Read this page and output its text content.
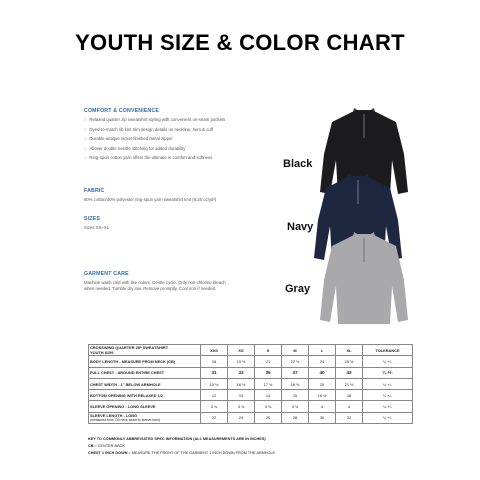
YOUTH SIZE & COLOR CHART
COMFORT & CONVENIENCE
□ Relaxed quarter zip sweatshirt styling with convenient on-seam pockets
□ Dyed-to-match rib knit trim design details on neckline, hem & cuff
□ Durable antique nickel-finished metal zipper
□ Allover double needle stitching for added durability
□ Ring-spun cotton yarn offers the ultimate in comfort and softness
FABRIC
60% cotton/40% polyester ring-spun yarn sweatshirt knit (8.26 oz/yd²)
SIZES
Sizes XS–XL
GARMENT CARE
Machine wash cold with like colors. Gentle cycle. Only non-chlorine bleach when needed. Tumble dry low. Remove promptly. Cool iron if needed.
Black
Navy
Gray
CROSSWIND QUARTER ZIP SWEATSHIRT
YOUTH 8159	XXS	XS	S	M	L	XL	TOLERANCE
BODY LENGTH - MEASURE FROM NECK (CB)	18	19 ½	21	22 ½	24	25 ½	¼ +/-
FULL CHEST - AROUND ENTIRE CHEST	31	33	35	37	40	43	¼ +/-
CHEST WIDTH - 1" BELOW ARMHOLE	15 ½	16 ½	17 ½	18 ½	20	21 ½	¼ +/-
BOTTOM OPENING WITH RELAXED 1/2	12	13	14	15	16 ½	18	¼ +/-
SLEEVE OPENING - LONG SLEEVE	3 ¾	3 ¾	3 ¾	3 ¾	4	4	¼ +/-
SLEEVE LENGTH - LONG
(measured from CB neck seam to sleeve hem)	22	24	26	28	30	32	¼ +/-
KEY TO COMMONLY ABBREVIATED SPEC INFORMATION (ALL MEASUREMENTS ARE IN INCHES)
CB = CENTER BACK
CHEST 1 INCH DOWN = MEASURE THE FRONT OF THE GARMENT 1 INCH DOWN FROM THE ARMHOLE
